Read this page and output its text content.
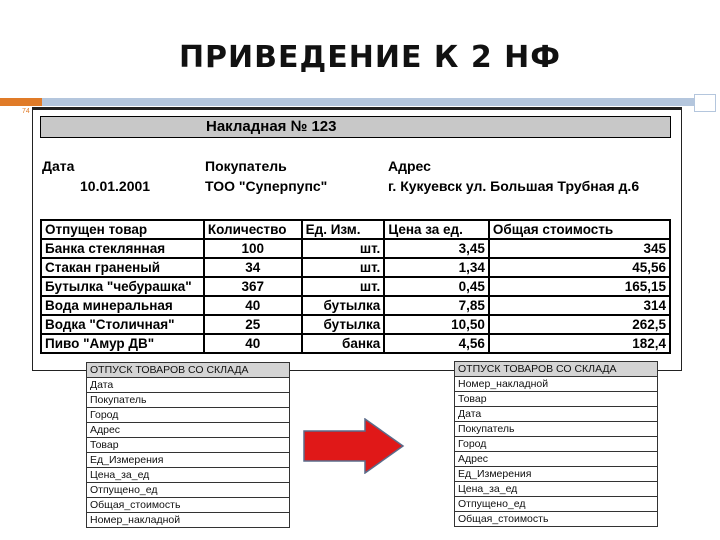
ПРИВЕДЕНИЕ К 2 НФ
74
Накладная № 123
Дата
10.01.2001
Покупатель
ТОО "Суперпупс"
Адрес
г. Кукуевск ул. Большая Трубная д.6
Отпущен товар	Количество	Ед. Изм.	Цена за ед.	Общая стоимость
Банка стеклянная	100	шт.	3,45	345
Стакан граненый	34	шт.	1,34	45,56
Бутылка "чебурашка"	367	шт.	0,45	165,15
Вода минеральная	40	бутылка	7,85	314
Водка "Столичная"	25	бутылка	10,50	262,5
Пиво "Амур ДВ"	40	банка	4,56	182,4
ОТПУСК ТОВАРОВ СО СКЛАДА
Дата
Покупатель
Город
Адрес
Товар
Ед_Измерения
Цена_за_ед
Отпущено_ед
Общая_стоимость
Номер_накладной
ОТПУСК ТОВАРОВ СО СКЛАДА
Номер_накладной
Товар
Дата
Покупатель
Город
Адрес
Ед_Измерения
Цена_за_ед
Отпущено_ед
Общая_стоимость
